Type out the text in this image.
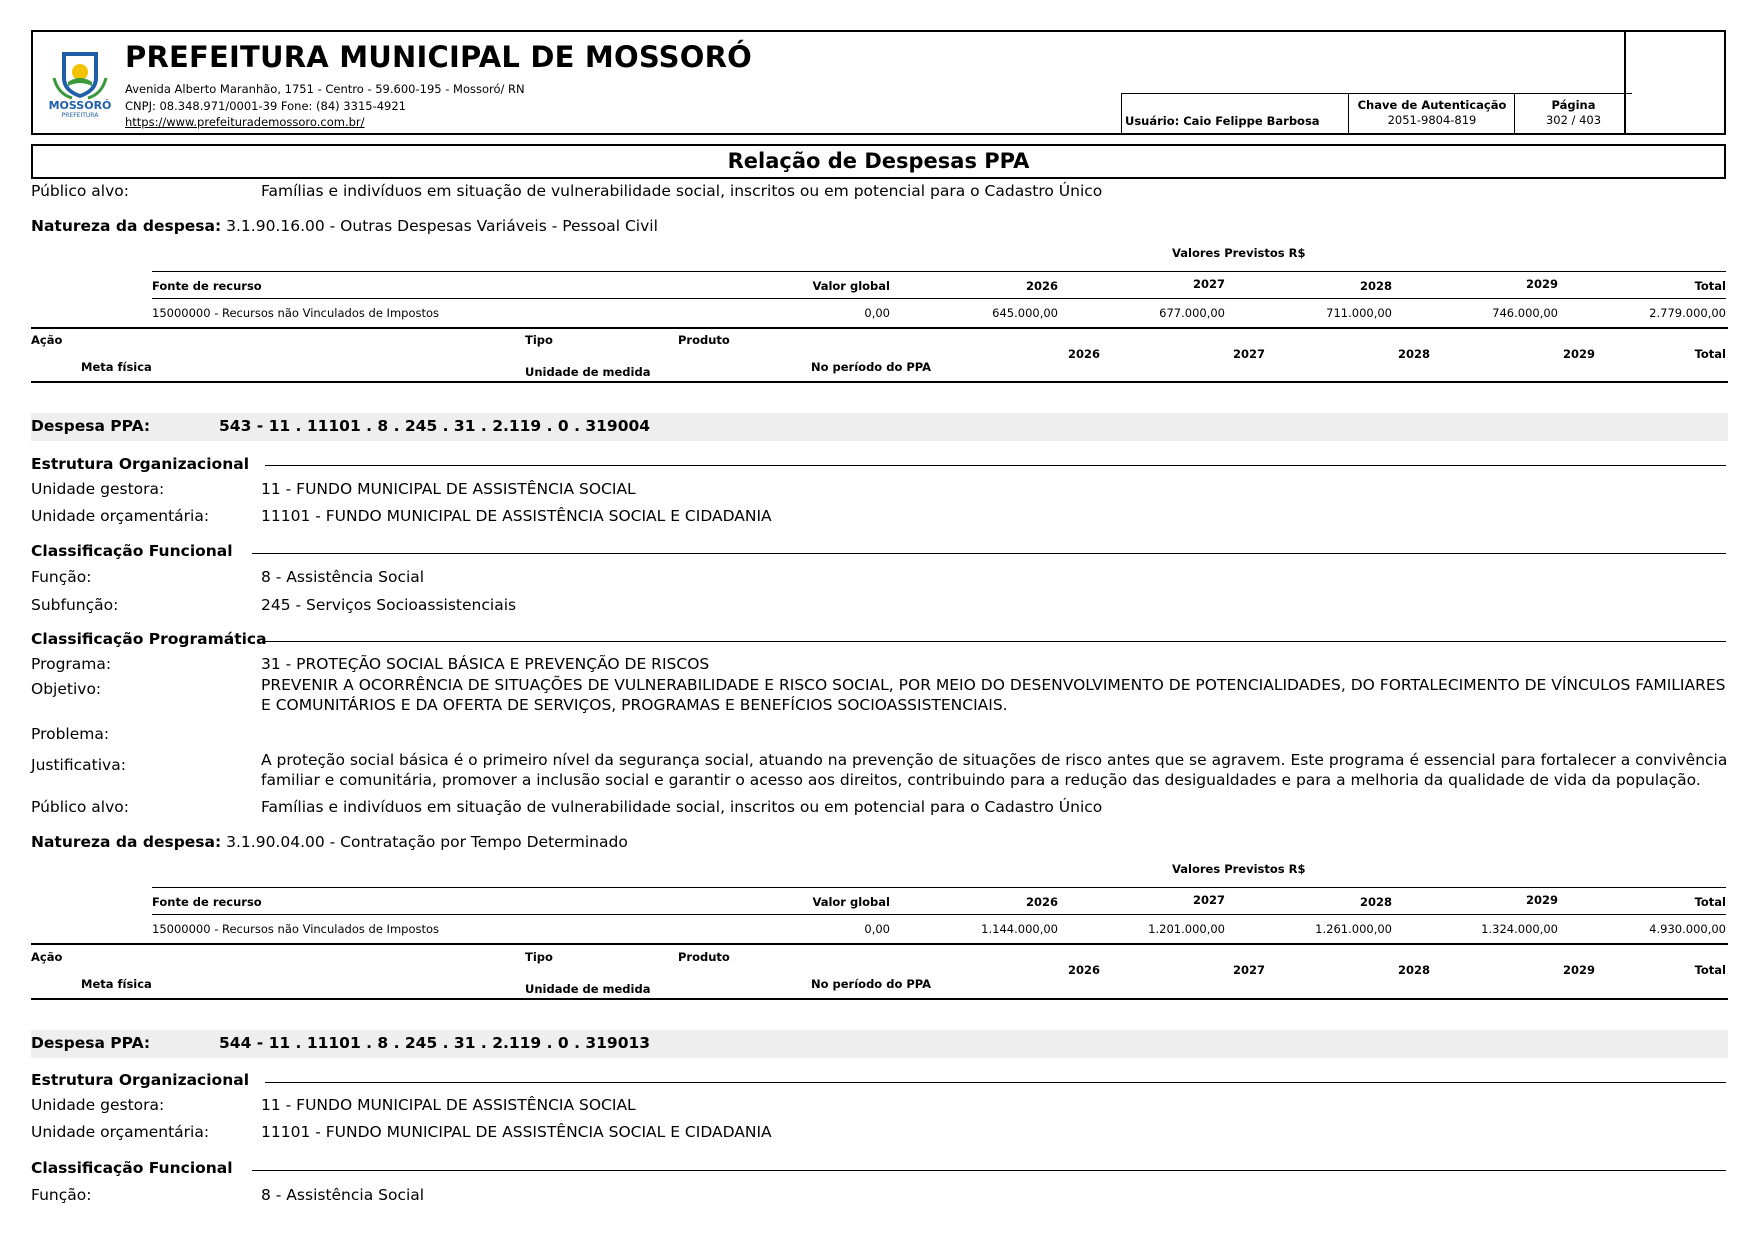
MOSSORÓ
PREFEITURA
PREFEITURA MUNICIPAL DE MOSSORÓ
Avenida Alberto Maranhão, 1751 - Centro - 59.600-195 - Mossoró/ RN
CNPJ: 08.348.971/0001-39 Fone: (84) 3315-4921
https://www.prefeiturademossoro.com.br/	Usuário: Caio Felippe Barbosa
Chave de Autenticação
2051-9804-819
Página
302 / 403
Relação de Despesas PPA
Público alvo:	Famílias e indivíduos em situação de vulnerabilidade social, inscritos ou em potencial para o Cadastro Único
Natureza da despesa: 3.1.90.16.00 - Outras Despesas Variáveis - Pessoal Civil
Valores Previstos R$
Fonte de recurso	Valor global	2026	2027	2028	2029	Total
15000000 - Recursos não Vinculados de Impostos	0,00	645.000,00	677.000,00	711.000,00	746.000,00	2.779.000,00
Ação	Tipo	Produto
Meta física	Unidade de medida	No período do PPA
2026	2027	2028	2029	Total
Despesa PPA:	543 - 11 . 11101 . 8 . 245 . 31 . 2.119 . 0 . 319004
Estrutura Organizacional
Unidade gestora:	11 - FUNDO MUNICIPAL DE ASSISTÊNCIA SOCIAL
Unidade orçamentária:	11101 - FUNDO MUNICIPAL DE ASSISTÊNCIA SOCIAL E CIDADANIA
Classificação Funcional
Função:	8 - Assistência Social
Subfunção:	245 - Serviços Socioassistenciais
Classificação Programática
Programa:	31 - PROTEÇÃO SOCIAL BÁSICA E PREVENÇÃO DE RISCOS
Objetivo:	PREVENIR A OCORRÊNCIA DE SITUAÇÕES DE VULNERABILIDADE E RISCO SOCIAL, POR MEIO DO DESENVOLVIMENTO DE POTENCIALIDADES, DO FORTALECIMENTO DE VÍNCULOS FAMILIARES E COMUNITÁRIOS E DA OFERTA DE SERVIÇOS, PROGRAMAS E BENEFÍCIOS SOCIOASSISTENCIAIS.
Problema:
Justificativa:	A proteção social básica é o primeiro nível da segurança social, atuando na prevenção de situações de risco antes que se agravem. Este programa é essencial para fortalecer a convivência familiar e comunitária, promover a inclusão social e garantir o acesso aos direitos, contribuindo para a redução das desigualdades e para a melhoria da qualidade de vida da população.
Público alvo:	Famílias e indivíduos em situação de vulnerabilidade social, inscritos ou em potencial para o Cadastro Único
Natureza da despesa: 3.1.90.04.00 - Contratação por Tempo Determinado
Valores Previstos R$
Fonte de recurso	Valor global	2026	2027	2028	2029	Total
15000000 - Recursos não Vinculados de Impostos	0,00	1.144.000,00	1.201.000,00	1.261.000,00	1.324.000,00	4.930.000,00
Ação	Tipo	Produto
Meta física	Unidade de medida	No período do PPA
2026	2027	2028	2029	Total
Despesa PPA:	544 - 11 . 11101 . 8 . 245 . 31 . 2.119 . 0 . 319013
Estrutura Organizacional
Unidade gestora:	11 - FUNDO MUNICIPAL DE ASSISTÊNCIA SOCIAL
Unidade orçamentária:	11101 - FUNDO MUNICIPAL DE ASSISTÊNCIA SOCIAL E CIDADANIA
Classificação Funcional
Função:	8 - Assistência Social
